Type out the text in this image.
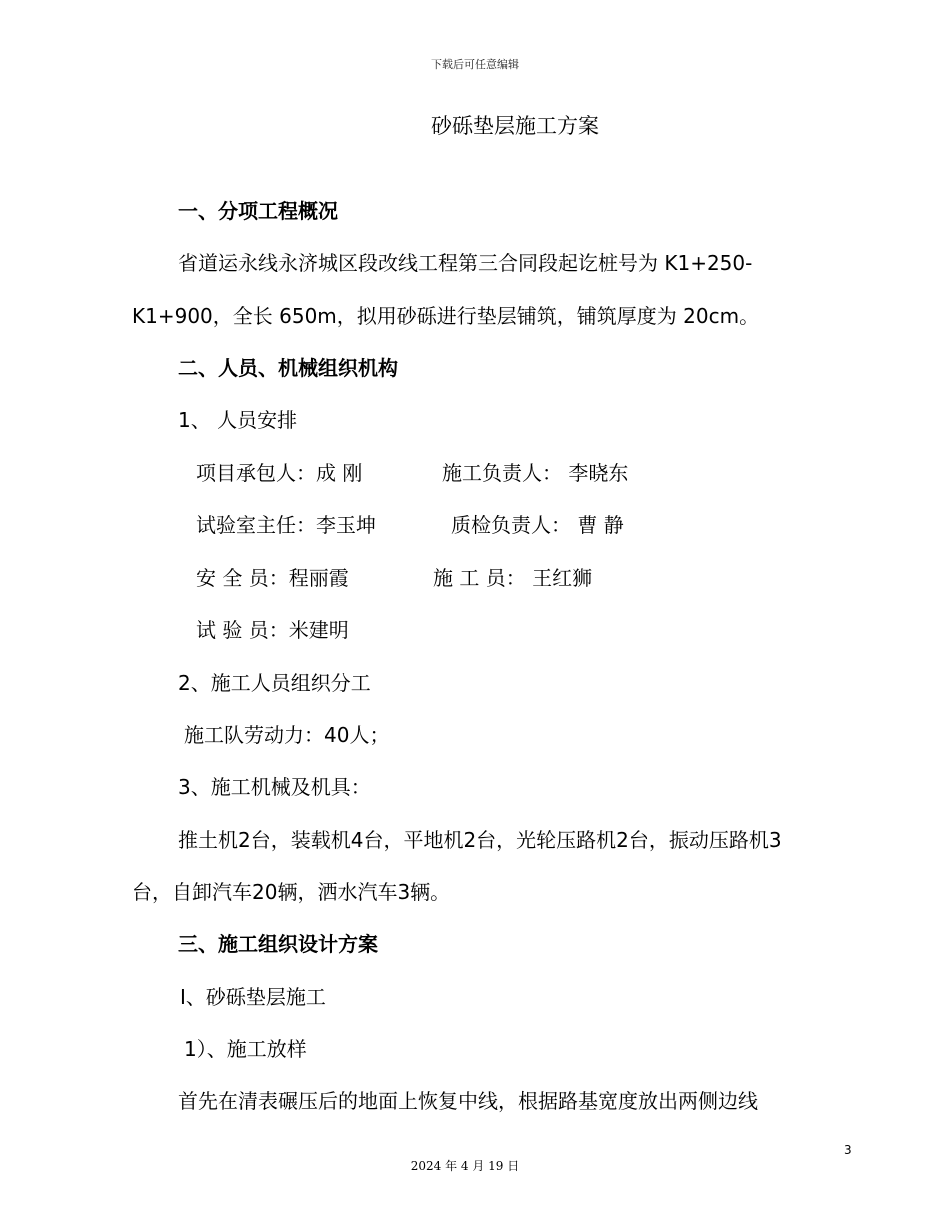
下载后可任意编辑
砂砾垫层施工方案
一、分项工程概况
省道运永线永济城区段改线工程第三合同段起讫桩号为 K1+250-
K1+900，全长 650m，拟用砂砾进行垫层铺筑，铺筑厚度为 20cm。
二、人员、机械组织机构
1、 人员安排
项目承包人：成 刚	施工负责人： 李晓东
试验室主任：李玉坤	质检负责人： 曹 静
安 全 员：程丽霞	施 工 员： 王红狮
试 验 员：米建明
2、施工人员组织分工
施工队劳动力：40人；
3、施工机械及机具：
推土机2台，装载机4台，平地机2台，光轮压路机2台，振动压路机3
台，自卸汽车20辆，洒水汽车3辆。
三、施工组织设计方案
Ⅰ、砂砾垫层施工
1）、施工放样
首先在清表碾压后的地面上恢复中线，根据路基宽度放出两侧边线
3
2024 年 4 月 19 日
